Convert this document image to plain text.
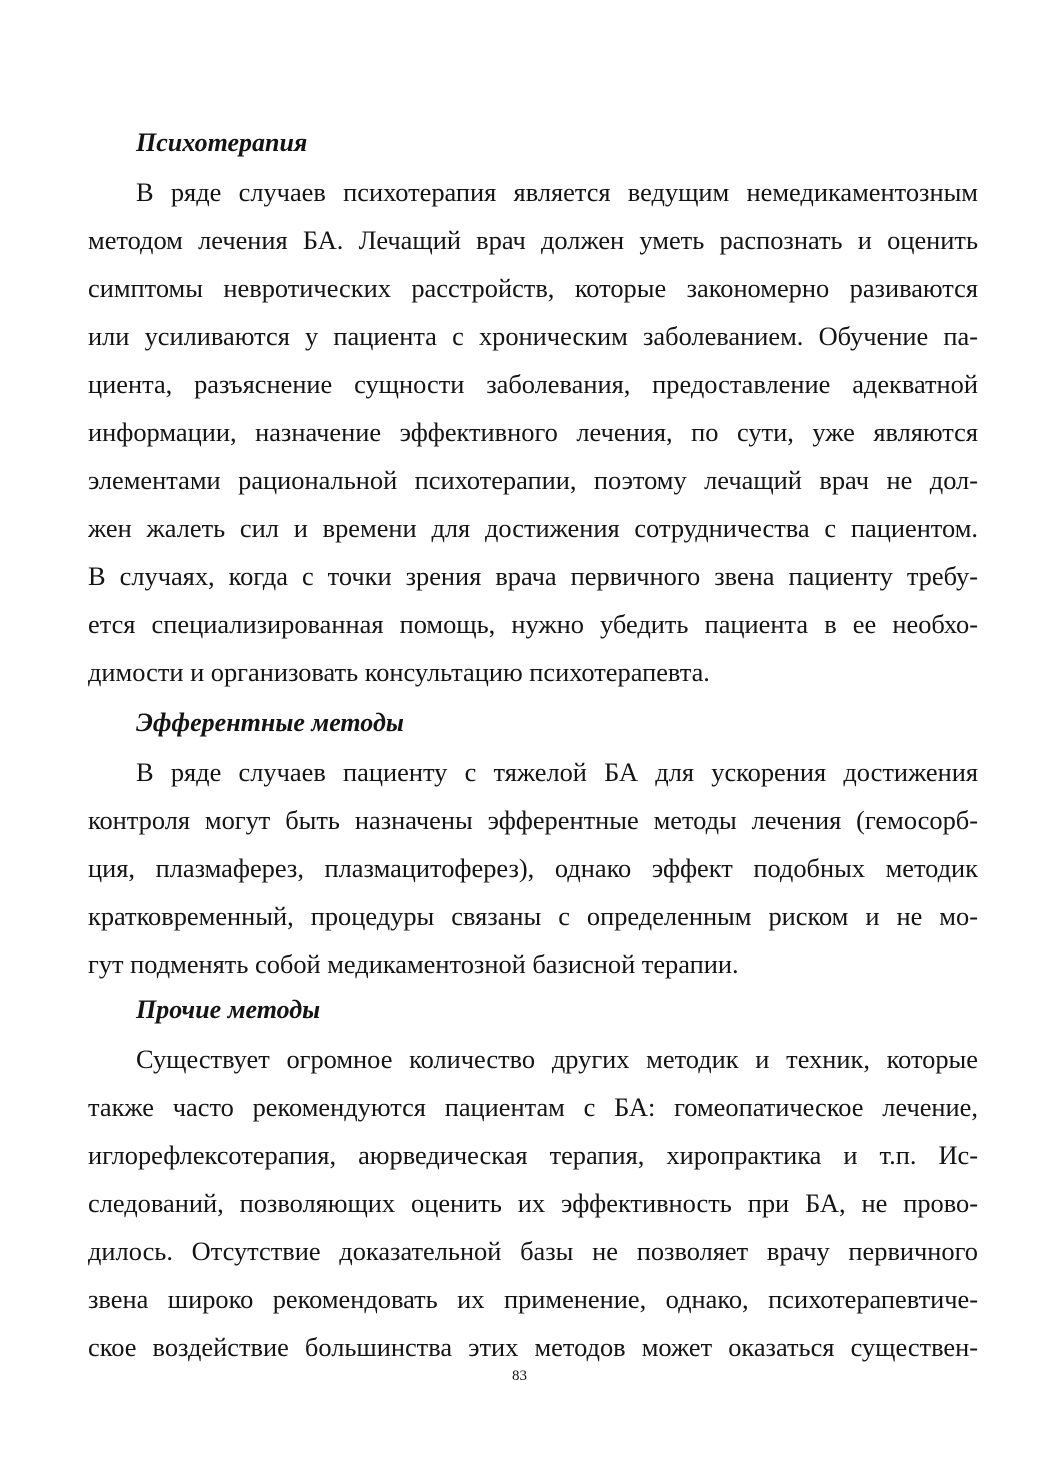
Психотерапия
В ряде случаев психотерапия является ведущим немедикаментозным
методом лечения БА. Лечащий врач должен уметь распознать и оценить
симптомы невротических расстройств, которые закономерно разиваются
или усиливаются у пациента с хроническим заболеванием. Обучение па-
циента, разъяснение сущности заболевания, предоставление адекватной
информации, назначение эффективного лечения, по сути, уже являются
элементами рациональной психотерапии, поэтому лечащий врач не дол-
жен жалеть сил и времени для достижения сотрудничества с пациентом.
В случаях, когда с точки зрения врача первичного звена пациенту требу-
ется специализированная помощь, нужно убедить пациента в ее необхо-
димости и организовать консультацию психотерапевта.
Эфферентные методы
В ряде случаев пациенту с тяжелой БА для ускорения достижения
контроля могут быть назначены эфферентные методы лечения (гемосорб-
ция, плазмаферез, плазмацитоферез), однако эффект подобных методик
кратковременный, процедуры связаны с определенным риском и не мо-
гут подменять собой медикаментозной базисной терапии.
Прочие методы
Существует огромное количество других методик и техник, которые
также часто рекомендуются пациентам с БА: гомеопатическое лечение,
иглорефлексотерапия, аюрведическая терапия, хиропрактика и т.п. Ис-
следований, позволяющих оценить их эффективность при БА, не прово-
дилось. Отсутствие доказательной базы не позволяет врачу первичного
звена широко рекомендовать их применение, однако, психотерапевтиче-
ское воздействие большинства этих методов может оказаться существен-
83
